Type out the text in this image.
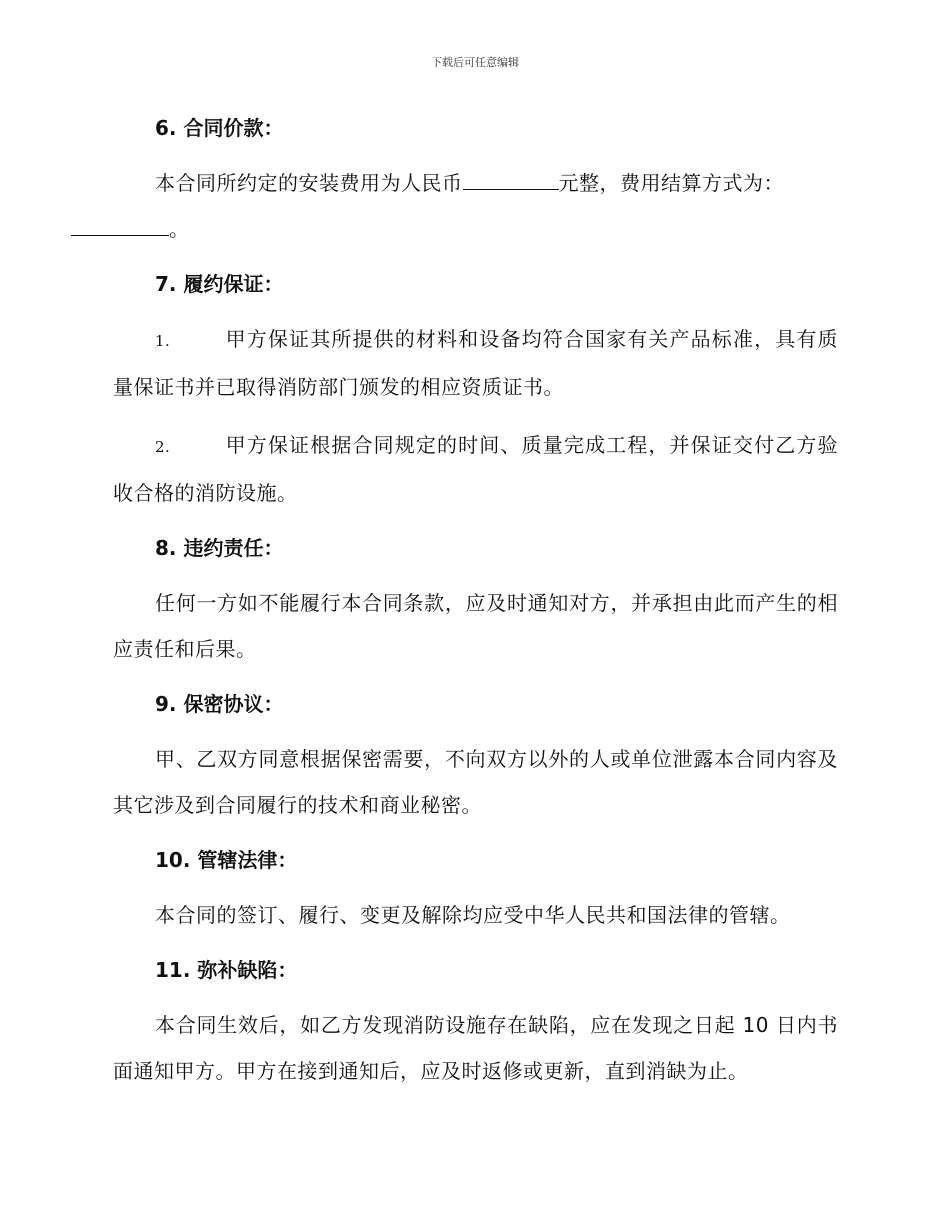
下载后可任意编辑
6. 合同价款：

本合同所约定的安装费用为人民币	元整，费用结算方式为：
。

7. 履约保证：

1.	甲方保证其所提供的材料和设备均符合国家有关产品标准，具有质量保证书并已取得消防部门颁发的相应资质证书。

2.	甲方保证根据合同规定的时间、质量完成工程，并保证交付乙方验收合格的消防设施。

8. 违约责任：

任何一方如不能履行本合同条款，应及时通知对方，并承担由此而产生的相应责任和后果。

9. 保密协议：

甲、乙双方同意根据保密需要，不向双方以外的人或单位泄露本合同内容及其它涉及到合同履行的技术和商业秘密。

10. 管辖法律：

本合同的签订、履行、变更及解除均应受中华人民共和国法律的管辖。

11. 弥补缺陷：

本合同生效后，如乙方发现消防设施存在缺陷，应在发现之日起 10 日内书面通知甲方。甲方在接到通知后，应及时返修或更新，直到消缺为止。
